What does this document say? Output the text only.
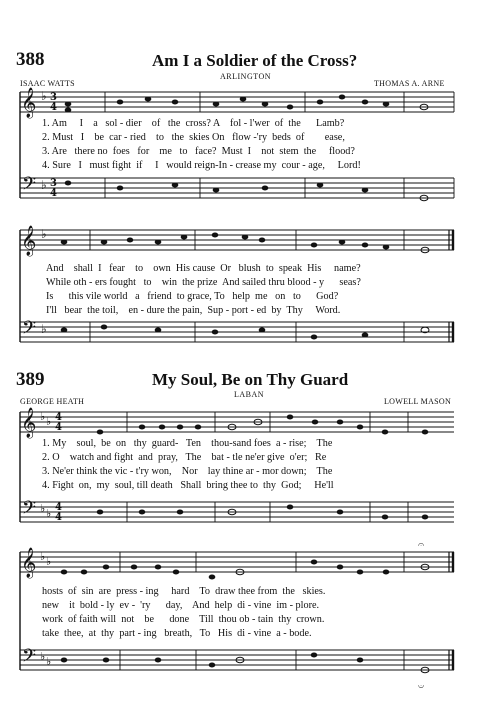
388	Am I a Soldier of the Cross?
ARLINGTON
ISAAC WATTS	THOMAS A. ARNE
𝄞 ♭ 3
4
𝄢 ♭ 3
4
1. Am     I    a   sol - dier    of   the  cross? A    fol - l'wer  of  the      Lamb?
2. Must   I    be  car - ried    to   the  skies On   flow -'ry  beds  of        ease,
3. Are   there no  foes   for    me   to   face?  Must  I    not  stem  the     flood?
4. Sure   I   must fight  if     I   would reign-In - crease my  cour - age,     Lord!
𝄞 ♭
𝄢 ♭
And    shall  I   fear    to    own  His cause  Or   blush  to  speak  His     name?
While oth - ers fought   to    win  the prize  And sailed thru blood - y      seas?
Is      this vile world   a   friend  to grace, To   help  me   on   to      God?
I'll   bear  the toil,    en - dure the pain,  Sup - port - ed  by  Thy     Word.
389	My Soul, Be on Thy Guard
LABAN
GEORGE HEATH	LOWELL MASON
𝄞 ♭ ♭ 4
4
𝄢 ♭ ♭ 4
4
1. My    soul,  be  on   thy  guard-   Ten    thou-sand foes  a - rise;    The
2. O    watch and fight  and  pray,   The    bat - tle ne'er give  o'er;   Re
3. Ne'er think the vic - t'ry won,    Nor    lay thine ar - mor down;    The
4. Fight  on,  my  soul, till death   Shall  bring thee to  thy  God;     He'll
𝄞 ♭ ♭
𝄢 ♭ ♭
𝄐
𝄑
hosts  of  sin  are  press - ing     hard    To  draw thee from  the   skies.
new    it  bold - ly  ev -  'ry      day,    And  help  di - vine  im - plore.
work  of faith will  not    be      done    Till  thou ob - tain  thy  crown.
take  thee,  at  thy  part - ing   breath,   To   His  di - vine  a - bode.
